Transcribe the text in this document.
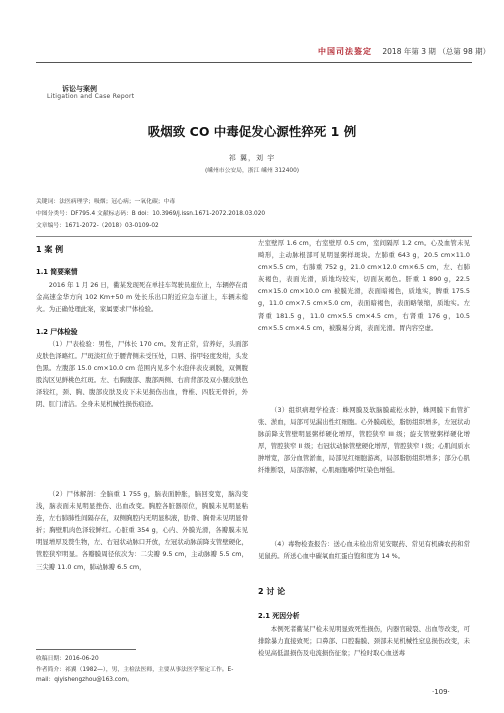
中国司法鉴定 2018 年第 3 期 （总第 98 期）
诉讼与案例
Litigation and Case Report
吸烟致 CO 中毒促发心源性猝死 1 例
祁 翼，刘 宇
(嵊州市公安局，浙江 嵊州 312400)
关键词：法医病理学；吸烟；冠心病；一氧化碳；中毒
中图分类号：DF795.4 文献标志码：B doi：10.3969/j.issn.1671-2072.2018.03.020
文章编号：1671-2072-（2018）03-0109-02
1 案 例
1.1 简要案情
2016 年 1 月 26 日，衢某发现死在单挂车驾驶员座位上，车辆停在甬金高速金华方向 102 Km+50 m 处长乐出口附近应急车道上，车辆未熄火。为正确处理此案，家属要求尸体检验。
1.2 尸体检验
（1）尸表检验：男性，尸体长 170 cm。发育正常，营养好，头面部皮肤色泽略红。尸斑淡红位于腰背侧未受压处，口唇、指甲轻度发绀，头发色黑。左腹部 15.0 cm×10.0 cm 范围内见多个水泡伴表皮剥脱，双侧腹股沟区见鲜桃色红斑。左、右胸腹部、腹部两侧、右肩背部及双小腿皮肤色泽较红，颈、胸、腹部皮肤及皮下未见损伤出血，脊椎、四肢无骨折，外阴、肛门清洁。全身未见机械性损伤痕迹。
（2）尸体解剖：全脑重 1 755 g，脑表面肿胀，脑回变宽，脑沟变浅，脑表面未见明显挫伤、出血改变。胸腔各脏器原位，胸膜未见明显粘连，左右肺肺性间隔存在，双侧胸腔内无明显积液，肋骨、胸骨未见明显骨折；胸壁肌肉色泽较鲜红。心脏重 354 g，心内、外膜光滑，各瓣膜未见明显增厚及赘生物，左、右冠状动脉口开放，左冠状动脉前降支管壁硬化，管腔狭窄明显。各瓣膜周径依次为：二尖瓣 9.5 cm，主动脉瓣 5.5 cm，三尖瓣 11.0 cm，肺动脉瓣 6.5 cm，
收稿日期：2016-06-20
作者简介：祁翼（1982—），男，主检法医师，主要从事法医学鉴定工作。E-mail：qiyishengzhou@163.com。
左室壁厚 1.6 cm，右室壁厚 0.5 cm，室间隔厚 1.2 cm。心及血管未见畸形，主动脉根部可见明显粥样斑块。左肺重 643 g，20.5 cm×11.0 cm×5.5 cm，右肺重 752 g，21.0 cm×12.0 cm×6.5 cm，左、右肺灰褐色，表面光滑，质地均较实，切面灰褐色。肝重 1 890 g，22.5 cm×15.0 cm×10.0 cm 被膜光滑，表面暗褐色，质地实，脾重 175.5 g，11.0 cm×7.5 cm×5.0 cm，表面暗褐色，表面略皱缩，质地实。左肾重 181.5 g，11.0 cm×5.5 cm×4.5 cm，右肾重 176 g，10.5 cm×5.5 cm×4.5 cm，被膜易分离，表面光滑。胃内容空虚。
（3）组织病理学检查：蛛网膜及软脑膜疏松水肿，蛛网膜下血管扩张、淤血，局部可见漏出性红细胞。心外膜疏松，脂肪组织增多，左冠状动脉前降支管壁明显粥样硬化增厚，管腔狭窄 III 级；旋支管壁粥样硬化增厚，管腔狭窄 II 级；右冠状动脉管壁硬化增厚，管腔狭窄 I 级；心肌间质水肿增宽，部分血管淤血，局部见红细胞游离，局部脂肪组织增多；部分心肌纤维断裂，局部溶解，心肌细胞嗜伊红染色增强。
（4）毒物检查报告：送心血未检出常见安眠药、常见有机磷农药和常见鼠药。所送心血中碳氧血红蛋白饱和度为 14 %。
2 讨 论
2.1 死因分析
本例死者衢某尸检未见明显致死性损伤，内器官破裂、出血等改变，可排除暴力直接致死；口鼻部、口腔黏膜、颈部未见机械性窒息损伤改变，未检见高低温损伤及电流损伤征象；尸检时取心血送毒
·109·
